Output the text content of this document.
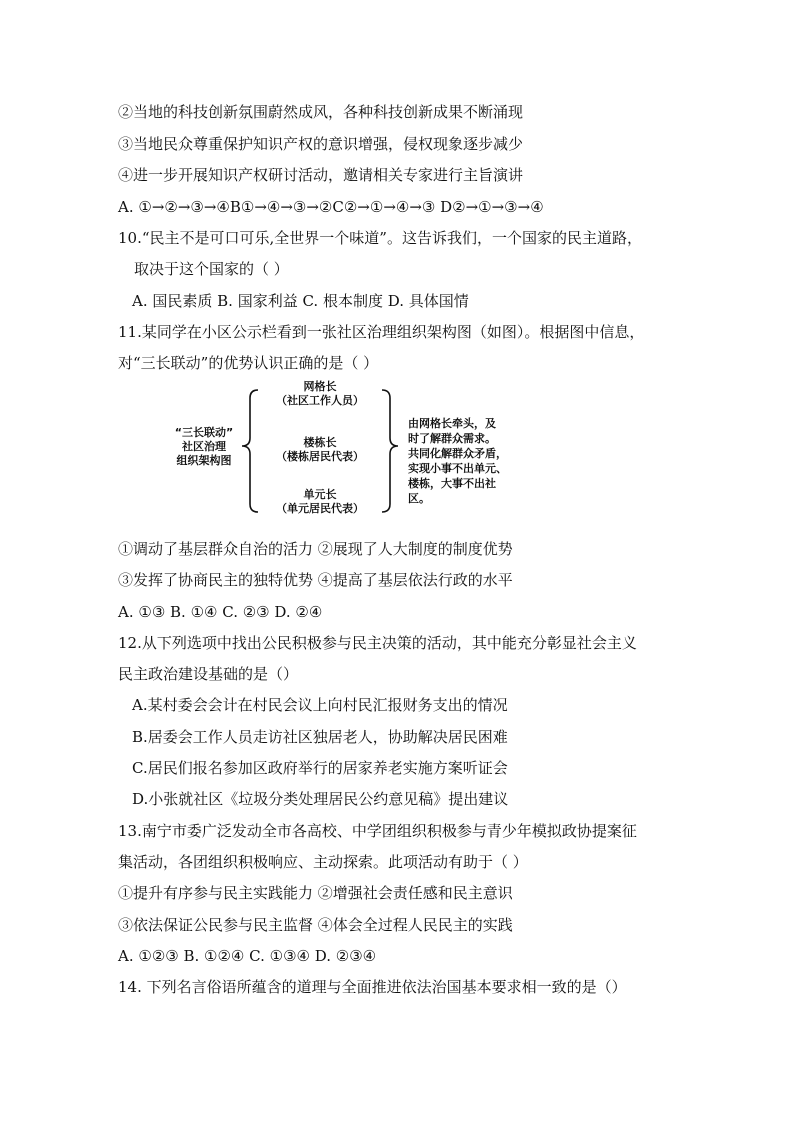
②当地的科技创新氛围蔚然成风，各种科技创新成果不断涌现
③当地民众尊重保护知识产权的意识增强，侵权现象逐步减少
④进一步开展知识产权研讨活动，邀请相关专家进行主旨演讲
A. ①→②→③→④B①→④→③→②C②→①→④→③ D②→①→③→④
10.“民主不是可口可乐,全世界一个味道”。这告诉我们，一个国家的民主道路，
取决于这个国家的（ ）
A. 国民素质 B. 国家利益 C. 根本制度 D. 具体国情
11.某同学在小区公示栏看到一张社区治理组织架构图（如图）。根据图中信息，
对“三长联动”的优势认识正确的是（ ）
“三长联动”
社区治理
组织架构图
网格长
（社区工作人员）
楼栋长
（楼栋居民代表）
单元长
（单元居民代表）
由网格长牵头，及
时了解群众需求。
共同化解群众矛盾，
实现小事不出单元、
楼栋，大事不出社
区。
①调动了基层群众自治的活力 ②展现了人大制度的制度优势
③发挥了协商民主的独特优势 ④提高了基层依法行政的水平
A. ①③ B. ①④ C. ②③ D. ②④
12.从下列选项中找出公民积极参与民主决策的活动，其中能充分彰显社会主义
民主政治建设基础的是（）
A.某村委会会计在村民会议上向村民汇报财务支出的情况
B.居委会工作人员走访社区独居老人，协助解决居民困难
C.居民们报名参加区政府举行的居家养老实施方案听证会
D.小张就社区《垃圾分类处理居民公约意见稿》提出建议
13.南宁市委广泛发动全市各高校、中学团组织积极参与青少年模拟政协提案征
集活动，各团组织积极响应、主动探索。此项活动有助于（ ）
①提升有序参与民主实践能力 ②增强社会责任感和民主意识
③依法保证公民参与民主监督 ④体会全过程人民民主的实践
A. ①②③ B. ①②④ C. ①③④ D. ②③④
14. 下列名言俗语所蕴含的道理与全面推进依法治国基本要求相一致的是（）
